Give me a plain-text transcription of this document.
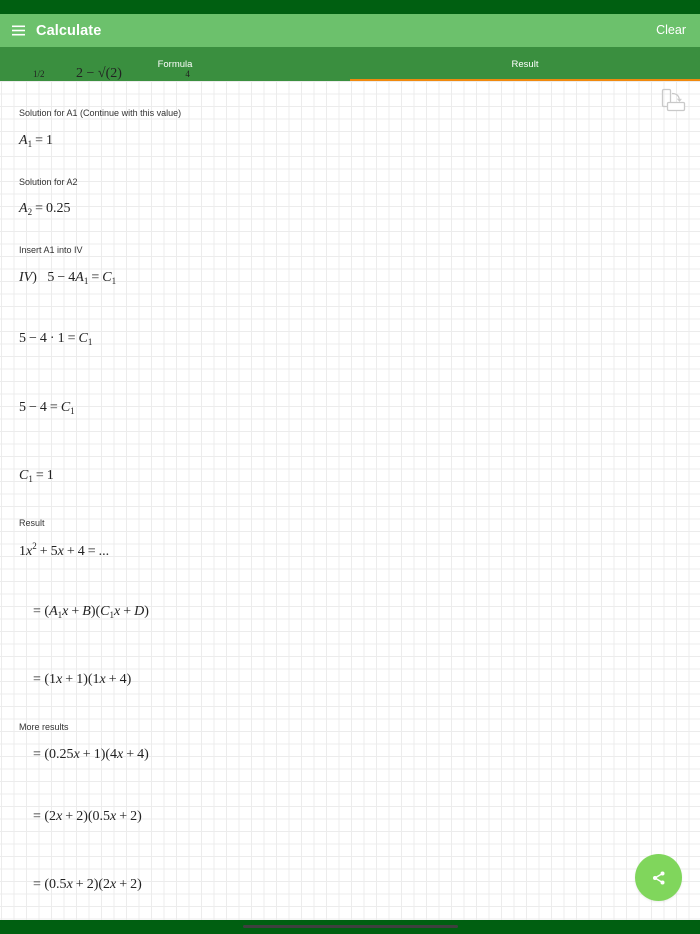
Calculate	Clear
Formula	Result
1/2 2 − √(2)	4
Solution for A1 (Continue with this value)
$A_1 = 1$
Solution for A2
$A_2 = 0.25$
Insert A1 into IV
IV)   $5 - 4A_1 = C_1$
$5 - 4 \cdot 1 = C_1$
$5 - 4 = C_1$
$C_1 = 1$
Result
$1x^2 + 5x + 4$ = ...
= $(A_1x + B)(C_1x + D)$
= (1x + 1)(1x + 4)
More results
= (0.25x + 1)(4x + 4)
= (2x + 2)(0.5x + 2)
= (0.5x + 2)(2x + 2)
